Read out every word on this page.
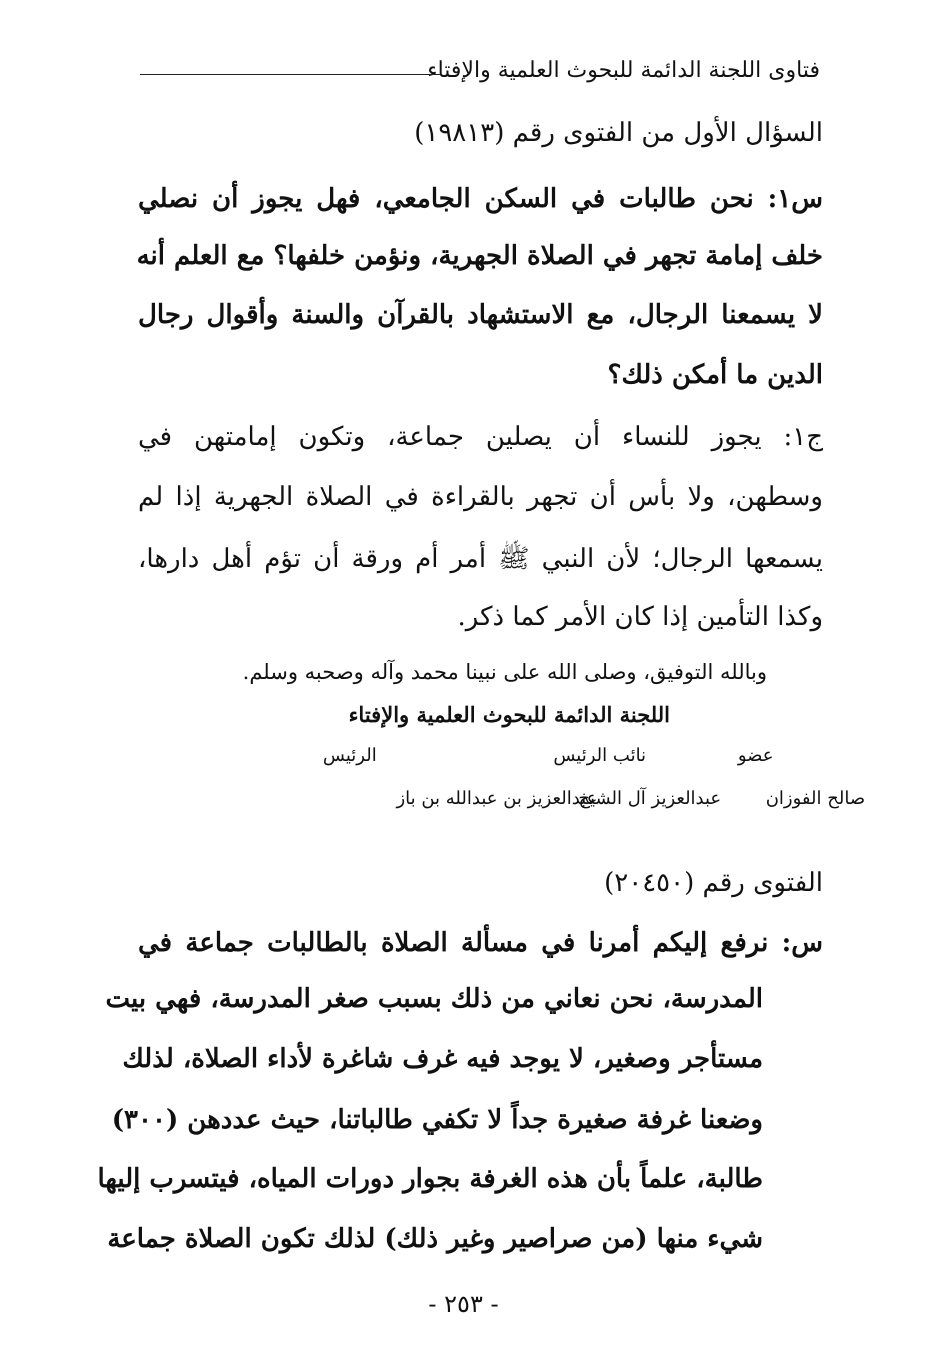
فتاوى اللجنة الدائمة للبحوث العلمية والإفتاء
السؤال الأول من الفتوى رقم (١٩٨١٣)
س١: نحن طالبات في السكن الجامعي، فهل يجوز أن نصلي
خلف إمامة تجهر في الصلاة الجهرية، ونؤمن خلفها؟ مع العلم أنه
لا يسمعنا الرجال، مع الاستشهاد بالقرآن والسنة وأقوال رجال
الدين ما أمكن ذلك؟
ج١: يجوز للنساء أن يصلين جماعة، وتكون إمامتهن في
وسطهن، ولا بأس أن تجهر بالقراءة في الصلاة الجهرية إذا لم
يسمعها الرجال؛ لأن النبي ﷺ أمر أم ورقة أن تؤم أهل دارها،
وكذا التأمين إذا كان الأمر كما ذكر.
وبالله التوفيق، وصلى الله على نبينا محمد وآله وصحبه وسلم.
اللجنة الدائمة للبحوث العلمية والإفتاء
عضو
نائب الرئيس
الرئيس
صالح الفوزان
عبدالعزيز آل الشيخ
عبدالعزيز بن عبدالله بن باز
الفتوى رقم (٢٠٤٥٠)
س: نرفع إليكم أمرنا في مسألة الصلاة بالطالبات جماعة في
المدرسة، نحن نعاني من ذلك بسبب صغر المدرسة، فهي بيت
مستأجر وصغير، لا يوجد فيه غرف شاغرة لأداء الصلاة، لذلك
وضعنا غرفة صغيرة جداً لا تكفي طالباتنا، حيث عددهن (٣٠٠)
طالبة، علماً بأن هذه الغرفة بجوار دورات المياه، فيتسرب إليها
شيء منها (من صراصير وغير ذلك) لذلك تكون الصلاة جماعة
- ٢٥٣ -
